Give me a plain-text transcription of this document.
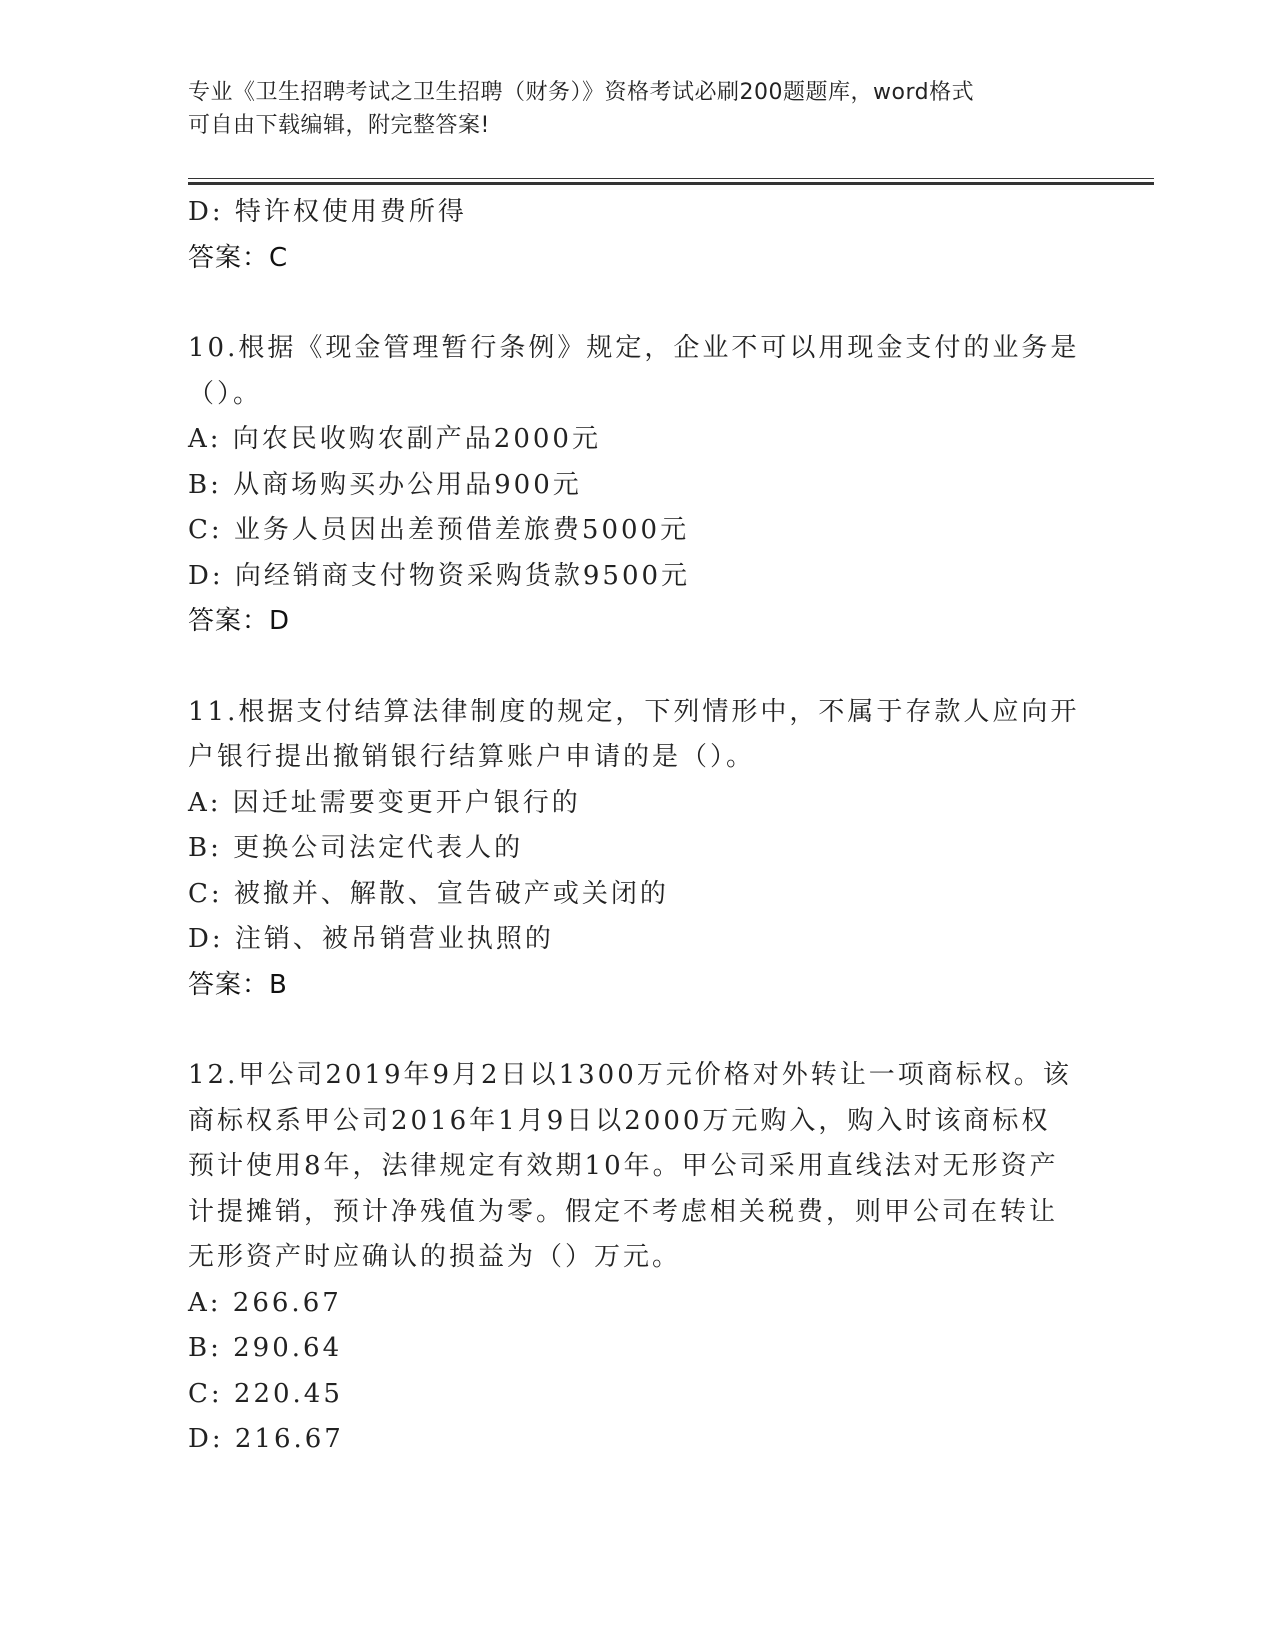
专业《卫生招聘考试之卫生招聘（财务）》资格考试必刷200题题库，word格式
可自由下载编辑，附完整答案!
D: 特许权使用费所得
答案：C
10.根据《现金管理暂行条例》规定，企业不可以用现金支付的业务是
（）。
A: 向农民收购农副产品2000元
B: 从商场购买办公用品900元
C: 业务人员因出差预借差旅费5000元
D: 向经销商支付物资采购货款9500元
答案：D
11.根据支付结算法律制度的规定，下列情形中，不属于存款人应向开
户银行提出撤销银行结算账户申请的是（）。
A: 因迁址需要变更开户银行的
B: 更换公司法定代表人的
C: 被撤并、解散、宣告破产或关闭的
D: 注销、被吊销营业执照的
答案：B
12.甲公司2019年9月2日以1300万元价格对外转让一项商标权。该
商标权系甲公司2016年1月9日以2000万元购入，购入时该商标权
预计使用8年，法律规定有效期10年。甲公司采用直线法对无形资产
计提摊销，预计净残值为零。假定不考虑相关税费，则甲公司在转让
无形资产时应确认的损益为（）万元。
A: 266.67
B: 290.64
C: 220.45
D: 216.67
